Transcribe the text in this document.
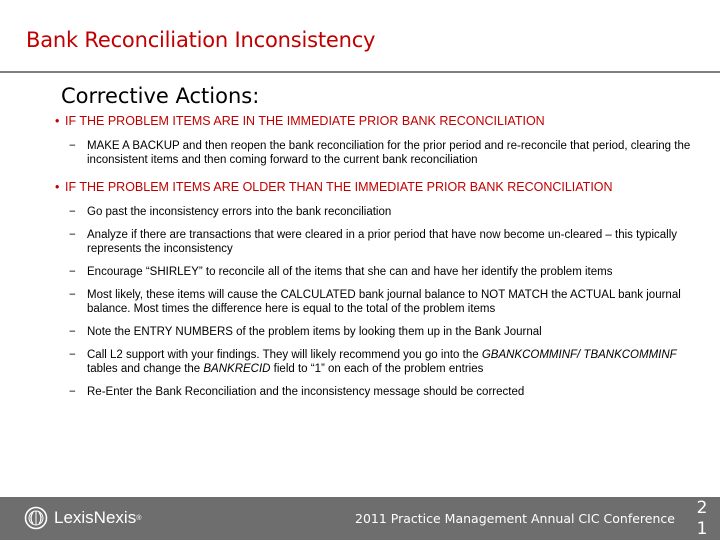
Bank Reconciliation Inconsistency
Corrective Actions:
• IF THE PROBLEM ITEMS ARE IN THE IMMEDIATE PRIOR BANK RECONCILIATION
− MAKE A BACKUP and then reopen the bank reconciliation for the prior period and re-reconcile that period, clearing the inconsistent items and then coming forward to the current bank reconciliation
• IF THE PROBLEM ITEMS ARE OLDER THAN THE IMMEDIATE PRIOR BANK RECONCILIATION
− Go past the inconsistency errors into the bank reconciliation
− Analyze if there are transactions that were cleared in a prior period that have now become un-cleared – this typically represents the inconsistency
− Encourage “SHIRLEY” to reconcile all of the items that she can and have her identify the problem items
− Most likely, these items will cause the CALCULATED bank journal balance to NOT MATCH the ACTUAL bank journal balance. Most times the difference here is equal to the total of the problem items
− Note the ENTRY NUMBERS of the problem items by looking them up in the Bank Journal
− Call L2 support with your findings. They will likely recommend you go into the GBANKCOMMINF/ TBANKCOMMINF tables and change the BANKRECID field to “1” on each of the problem entries
− Re-Enter the Bank Reconciliation and the inconsistency message should be corrected
LexisNexis ®	2011 Practice Management Annual CIC Conference
2 1
